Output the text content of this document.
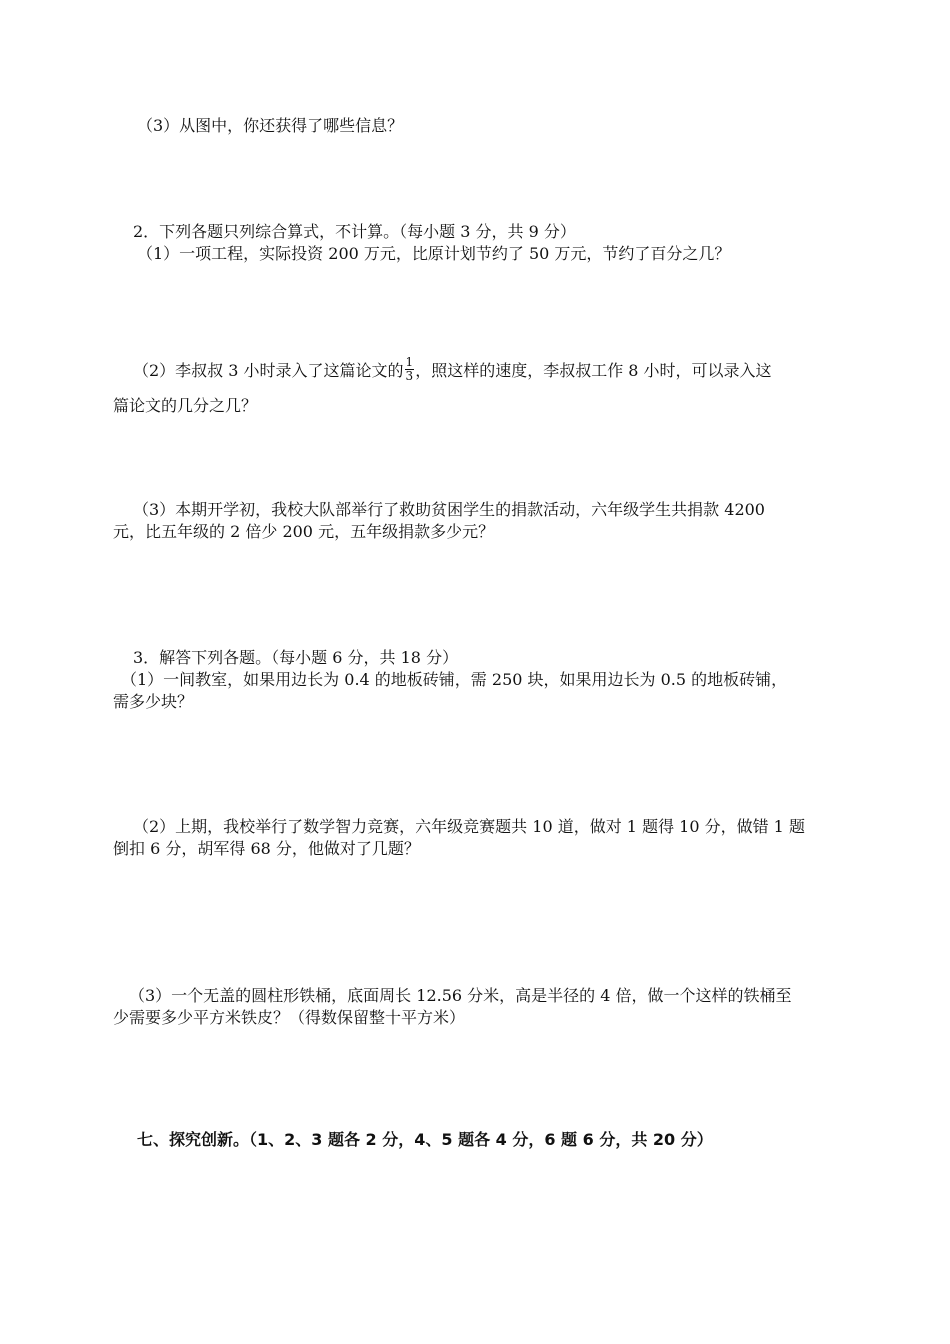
（3）从图中，你还获得了哪些信息？
2．下列各题只列综合算式，不计算。（每小题 3 分，共 9 分）
（1）一项工程，实际投资 200 万元，比原计划节约了 50 万元，节约了百分之几？
（2）李叔叔 3 小时录入了这篇论文的 $\frac{1}{3}$ ，照这样的速度，李叔叔工作 8 小时，可以录入这
篇论文的几分之几？
（3）本期开学初，我校大队部举行了救助贫困学生的捐款活动，六年级学生共捐款 4200
元，比五年级的 2 倍少 200 元，五年级捐款多少元？
3．解答下列各题。（每小题 6 分，共 18 分）
（1）一间教室，如果用边长为 0.4 的地板砖铺，需 250 块，如果用边长为 0.5 的地板砖铺，
需多少块？
（2）上期，我校举行了数学智力竞赛，六年级竞赛题共 10 道，做对 1 题得 10 分，做错 1 题
倒扣 6 分，胡军得 68 分，他做对了几题？
（3）一个无盖的圆柱形铁桶，底面周长 12.56 分米，高是半径的 4 倍，做一个这样的铁桶至
少需要多少平方米铁皮？（得数保留整十平方米）
七、探究创新。（1、2、3 题各 2 分，4、5 题各 4 分，6 题 6 分，共 20 分）
